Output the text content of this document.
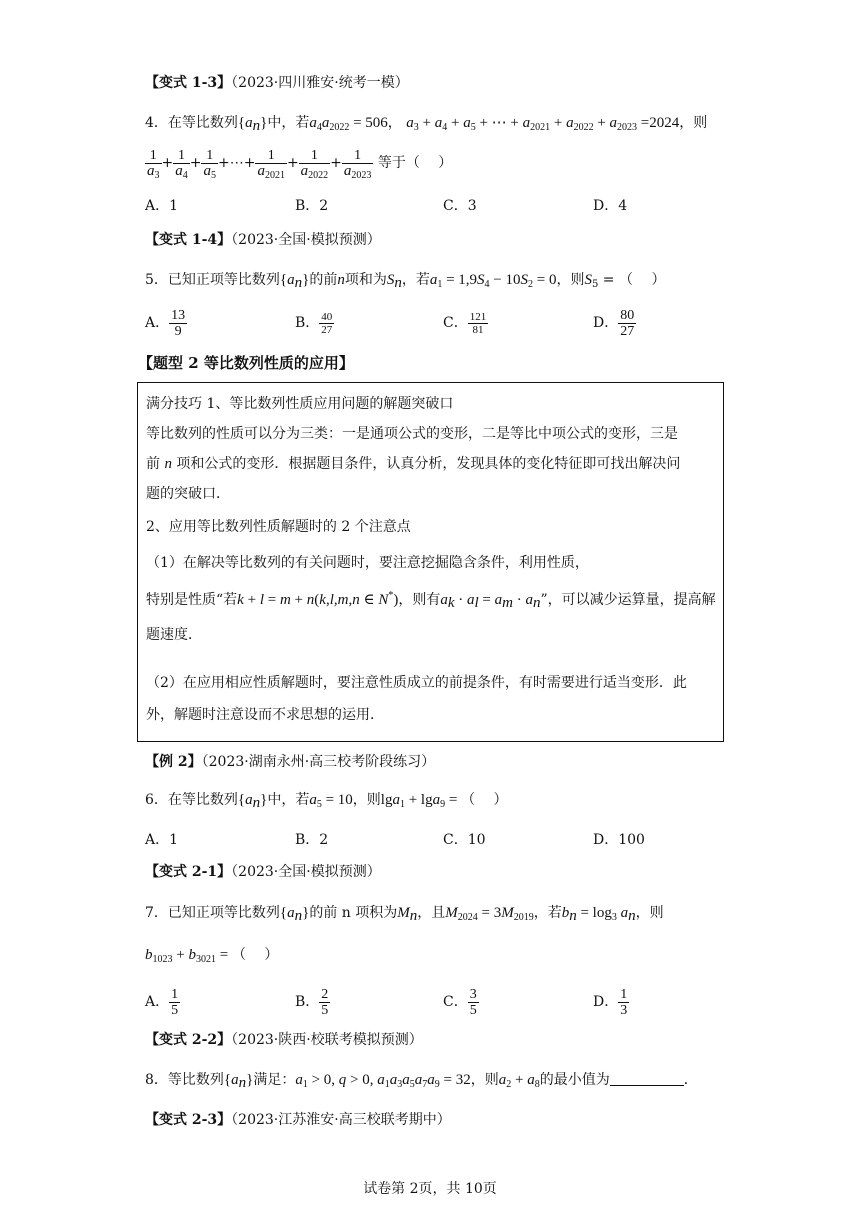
【变式 1-3】（2023·四川雅安·统考一模）
4．在等比数列$\{a_n\}$中，若$a_4a_{2022} = 506$， $a_3 + a_4 + a_5$ + ⋯ + $a_{2021} + a_{2022} + a_{2023} =2024$，则
$\frac{1}{a_3} + \frac{1}{a_4} + \frac{1}{a_5}$ +⋯+ $\frac{1}{a_{2021}} + \frac{1}{a_{2022}} + \frac{1}{a_{2023}}$ 等于（　 ）
A．1	B．2	C．3	D．4
【变式 1-4】（2023·全国·模拟预测）
5．已知正项等比数列$\{a_n\}$的前n项和为$S_n$，若$a_1 = 1,9S_4 - 10S_2 = 0$，则$S_5$ = （　 ）
A． $\frac{13}{9}$	B． $\frac{40}{27}$	C． $\frac{121}{81}$	D． $\frac{80}{27}$
【题型 2 等比数列性质的应用】
满分技巧 1、等比数列性质应用问题的解题突破口
等比数列的性质可以分为三类：一是通项公式的变形，二是等比中项公式的变形，三是
前 n 项和公式的变形．根据题目条件，认真分析，发现具体的变化特征即可找出解决问
题的突破口．
2、应用等比数列性质解题时的 2 个注意点
（1）在解决等比数列的有关问题时，要注意挖掘隐含条件，利用性质，
特别是性质“若k + l = m + n(k,l,m,n ∈ N*)，则有$a_k \cdot a_l = a_m \cdot a_n$”，可以减少运算量，提高解
题速度．
（2）在应用相应性质解题时，要注意性质成立的前提条件，有时需要进行适当变形．此
外，解题时注意设而不求思想的运用．
【例 2】（2023·湖南永州·高三校考阶段练习）
6．在等比数列$\{a_n\}$中，若$a_5 = 10$，则lga$_1$ + lga$_9$ = （　 ）
A．1	B．2	C．10	D．100
【变式 2-1】（2023·全国·模拟预测）
7．已知正项等比数列$\{a_n\}$的前 n 项积为$M_n$，且$M_{2024} = 3M_{2019}$，若$b_n = \log_3 a_n$，则
$b_{1023} + b_{3021}$ = （　 ）
A． $\frac{1}{5}$	B． $\frac{2}{5}$	C． $\frac{3}{5}$	D． $\frac{1}{3}$
【变式 2-2】（2023·陕西·校联考模拟预测）
8．等比数列$\{a_n\}$满足：$a_1 > 0$, q > 0, $a_1a_3a_5a_7a_9 = 32$，则$a_2 + a_8$的最小值为	．
【变式 2-3】（2023·江苏淮安·高三校联考期中）
试卷第 2页，共 10页
